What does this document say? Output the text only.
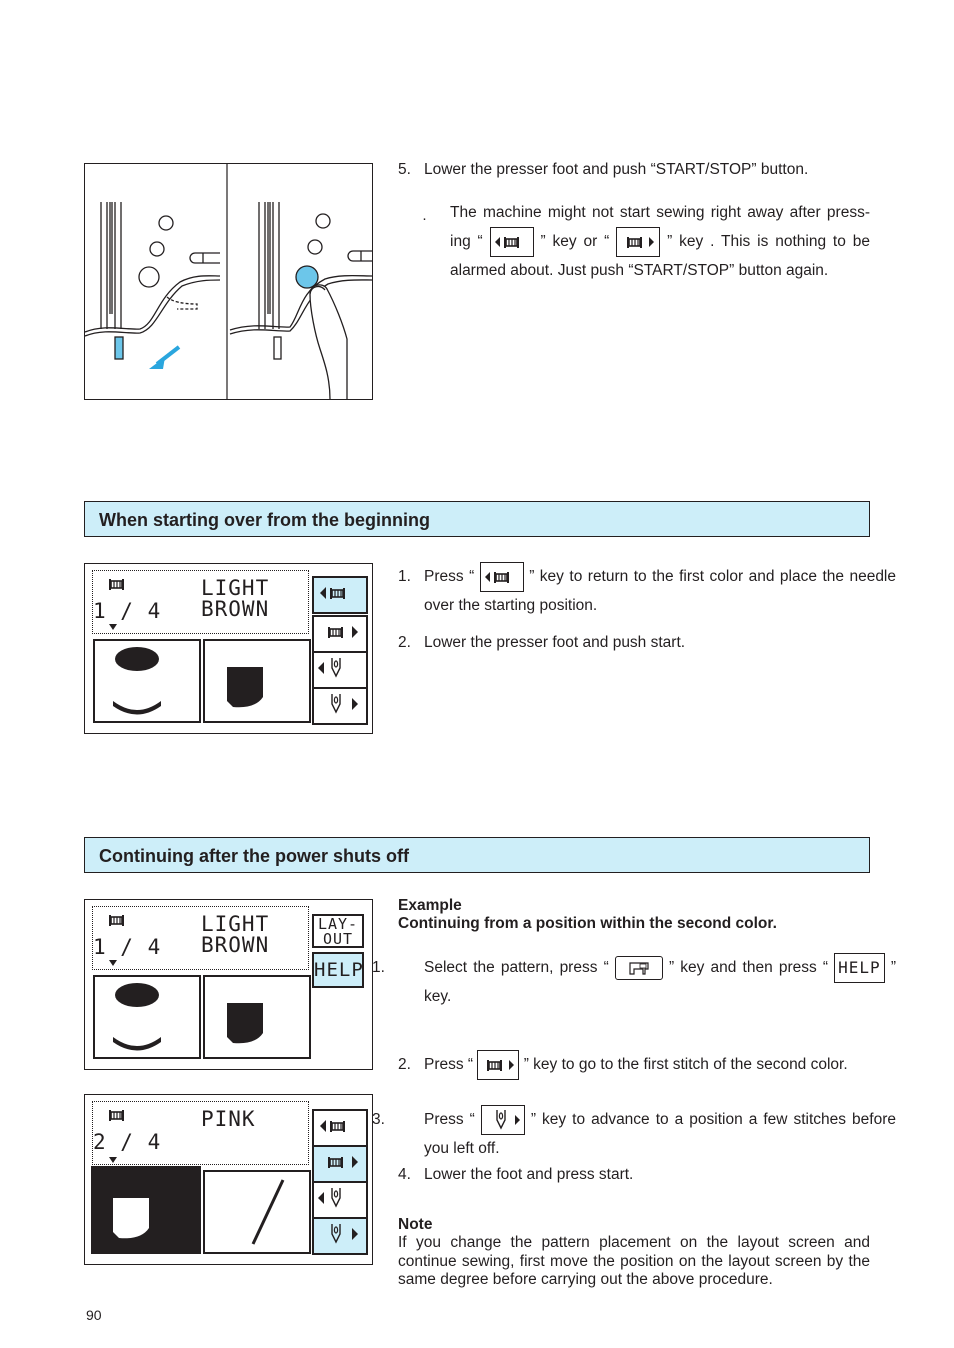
5. Lower the presser foot and push “START/STOP” button.
· The machine might not start sewing right away after press-ing “	” key or “	” key . This is nothing to be alarmed about. Just push “START/STOP” button again.
When starting over from the beginning
1 / 4
LIGHT
BROWN
1. Press “	” key to return to the first color and place the needle over the starting position.
2. Lower the presser foot and push start.
Continuing after the power shuts off
1 / 4
LIGHT
BROWN
LAY-
OUT
HELP
2 / 4
PINK
Example
Continuing from a position within the second color.
1.	Select the pattern, press “	” key and then press “ HELP ” key.
2. Press “	” key to go to the first stitch of the second color.
3.	Press “	” key to advance to a position a few stitches before you left off.
4. Lower the foot and press start.
Note
If you change the pattern placement on the layout screen and continue sewing, first move the position on the layout screen by the same degree before carrying out the above procedure.
90
